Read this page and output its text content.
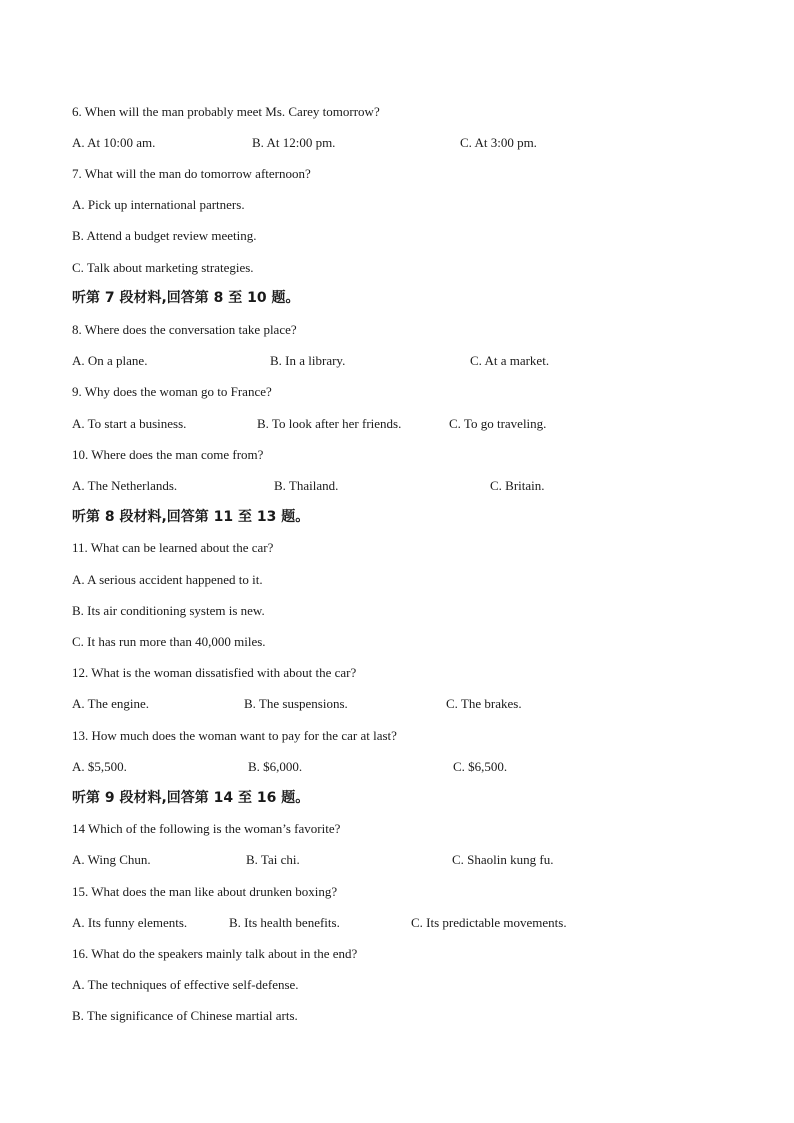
6. When will the man probably meet Ms. Carey tomorrow?
A. At 10:00 am.	B. At 12:00 pm.	C. At 3:00 pm.
7. What will the man do tomorrow afternoon?
A. Pick up international partners.
B. Attend a budget review meeting.
C. Talk about marketing strategies.
听第 7 段材料,回答第 8 至 10 题。
8. Where does the conversation take place?
A. On a plane.	B. In a library.	C. At a market.
9. Why does the woman go to France?
A. To start a business.	B. To look after her friends.	C. To go traveling.
10. Where does the man come from?
A. The Netherlands.	B. Thailand.	C. Britain.
听第 8 段材料,回答第 11 至 13 题。
11. What can be learned about the car?
A. A serious accident happened to it.
B. Its air conditioning system is new.
C. It has run more than 40,000 miles.
12. What is the woman dissatisfied with about the car?
A. The engine.	B. The suspensions.	C. The brakes.
13. How much does the woman want to pay for the car at last?
A. $5,500.	B. $6,000.	C. $6,500.
听第 9 段材料,回答第 14 至 16 题。
14 Which of the following is the woman’s favorite?
A. Wing Chun.	B. Tai chi.	C. Shaolin kung fu.
15. What does the man like about drunken boxing?
A. Its funny elements.	B. Its health benefits.	C. Its predictable movements.
16. What do the speakers mainly talk about in the end?
A. The techniques of effective self-defense.
B. The significance of Chinese martial arts.
